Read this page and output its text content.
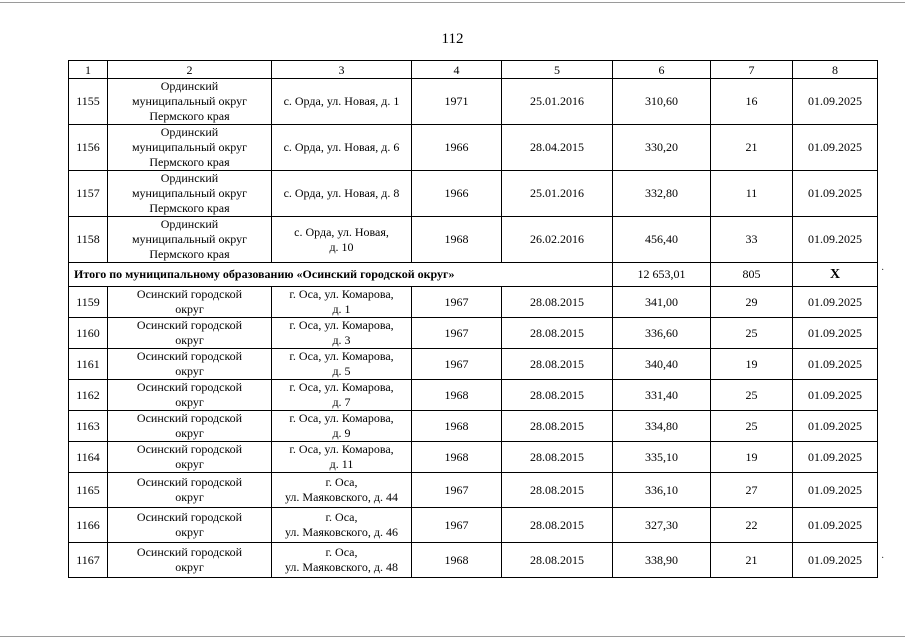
112
1	2	3	4	5	6	7	8
1155	Ординский
муниципальный округ
Пермского края	с. Орда, ул. Новая, д. 1	1971	25.01.2016	310,60	16	01.09.2025
1156	Ординский
муниципальный округ
Пермского края	с. Орда, ул. Новая, д. 6	1966	28.04.2015	330,20	21	01.09.2025
1157	Ординский
муниципальный округ
Пермского края	с. Орда, ул. Новая, д. 8	1966	25.01.2016	332,80	11	01.09.2025
1158	Ординский
муниципальный округ
Пермского края	с. Орда, ул. Новая,
д. 10	1968	26.02.2016	456,40	33	01.09.2025
Итого по муниципальному образованию «Осинский городской округ»					12 653,01	805	X
1159	Осинский городской
округ	г. Оса, ул. Комарова,
д. 1	1967	28.08.2015	341,00	29	01.09.2025
1160	Осинский городской
округ	г. Оса, ул. Комарова,
д. 3	1967	28.08.2015	336,60	25	01.09.2025
1161	Осинский городской
округ	г. Оса, ул. Комарова,
д. 5	1967	28.08.2015	340,40	19	01.09.2025
1162	Осинский городской
округ	г. Оса, ул. Комарова,
д. 7	1968	28.08.2015	331,40	25	01.09.2025
1163	Осинский городской
округ	г. Оса, ул. Комарова,
д. 9	1968	28.08.2015	334,80	25	01.09.2025
1164	Осинский городской
округ	г. Оса, ул. Комарова,
д. 11	1968	28.08.2015	335,10	19	01.09.2025
1165	Осинский городской
округ	г. Оса,
ул. Маяковского, д. 44	1967	28.08.2015	336,10	27	01.09.2025
1166	Осинский городской
округ	г. Оса,
ул. Маяковского, д. 46	1967	28.08.2015	327,30	22	01.09.2025
1167	Осинский городской
округ	г. Оса,
ул. Маяковского, д. 48	1968	28.08.2015	338,90	21	01.09.2025
·
·
